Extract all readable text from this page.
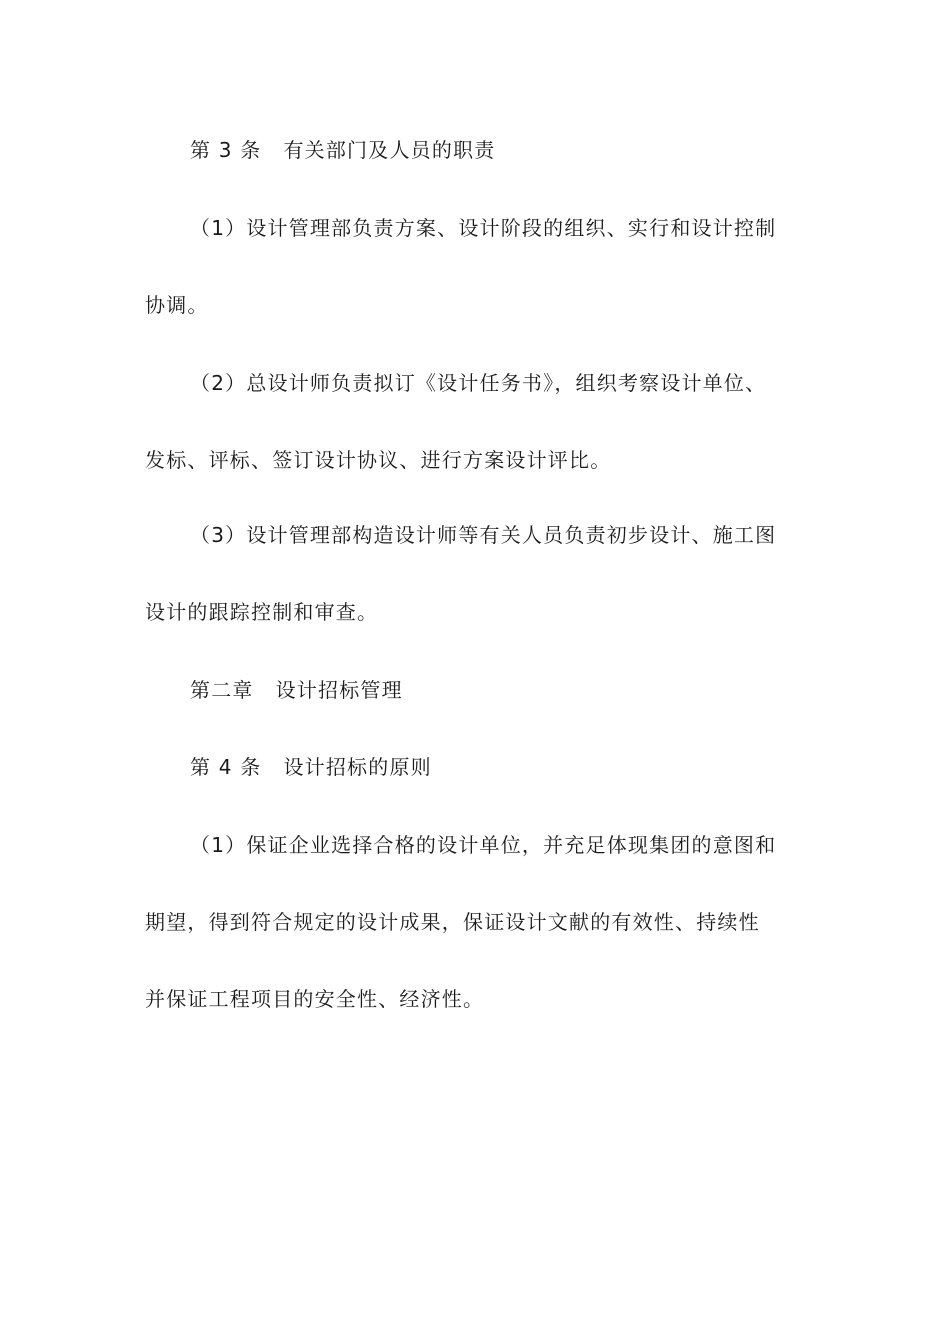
第 3 条 有关部门及人员的职责
（1）设计管理部负责方案、设计阶段的组织、实行和设计控制
协调。
（2）总设计师负责拟订《设计任务书》，组织考察设计单位、
发标、评标、签订设计协议、进行方案设计评比。
（3）设计管理部构造设计师等有关人员负责初步设计、施工图
设计的跟踪控制和审查。
第二章 设计招标管理
第 4 条 设计招标的原则
（1）保证企业选择合格的设计单位，并充足体现集团的意图和
期望，得到符合规定的设计成果，保证设计文献的有效性、持续性
并保证工程项目的安全性、经济性。
